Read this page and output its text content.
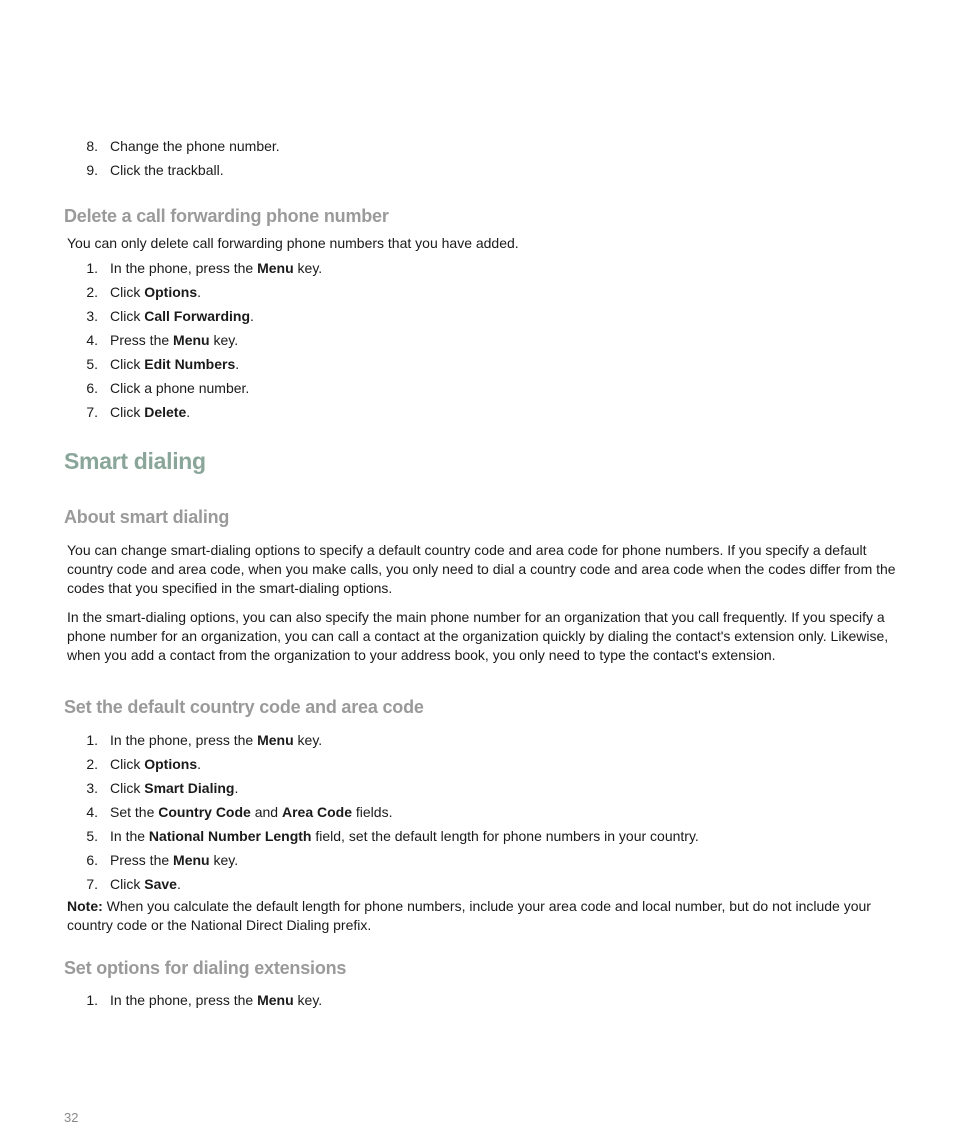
8. Change the phone number.
9. Click the trackball.
Delete a call forwarding phone number
You can only delete call forwarding phone numbers that you have added.
1. In the phone, press the Menu key.
2. Click Options.
3. Click Call Forwarding.
4. Press the Menu key.
5. Click Edit Numbers.
6. Click a phone number.
7. Click Delete.
Smart dialing
About smart dialing
You can change smart-dialing options to specify a default country code and area code for phone numbers. If you specify a default country code and area code, when you make calls, you only need to dial a country code and area code when the codes differ from the codes that you specified in the smart-dialing options.
In the smart-dialing options, you can also specify the main phone number for an organization that you call frequently. If you specify a phone number for an organization, you can call a contact at the organization quickly by dialing the contact's extension only. Likewise, when you add a contact from the organization to your address book, you only need to type the contact's extension.
Set the default country code and area code
1. In the phone, press the Menu key.
2. Click Options.
3. Click Smart Dialing.
4. Set the Country Code and Area Code fields.
5. In the National Number Length field, set the default length for phone numbers in your country.
6. Press the Menu key.
7. Click Save.
Note: When you calculate the default length for phone numbers, include your area code and local number, but do not include your country code or the National Direct Dialing prefix.
Set options for dialing extensions
1. In the phone, press the Menu key.
32
